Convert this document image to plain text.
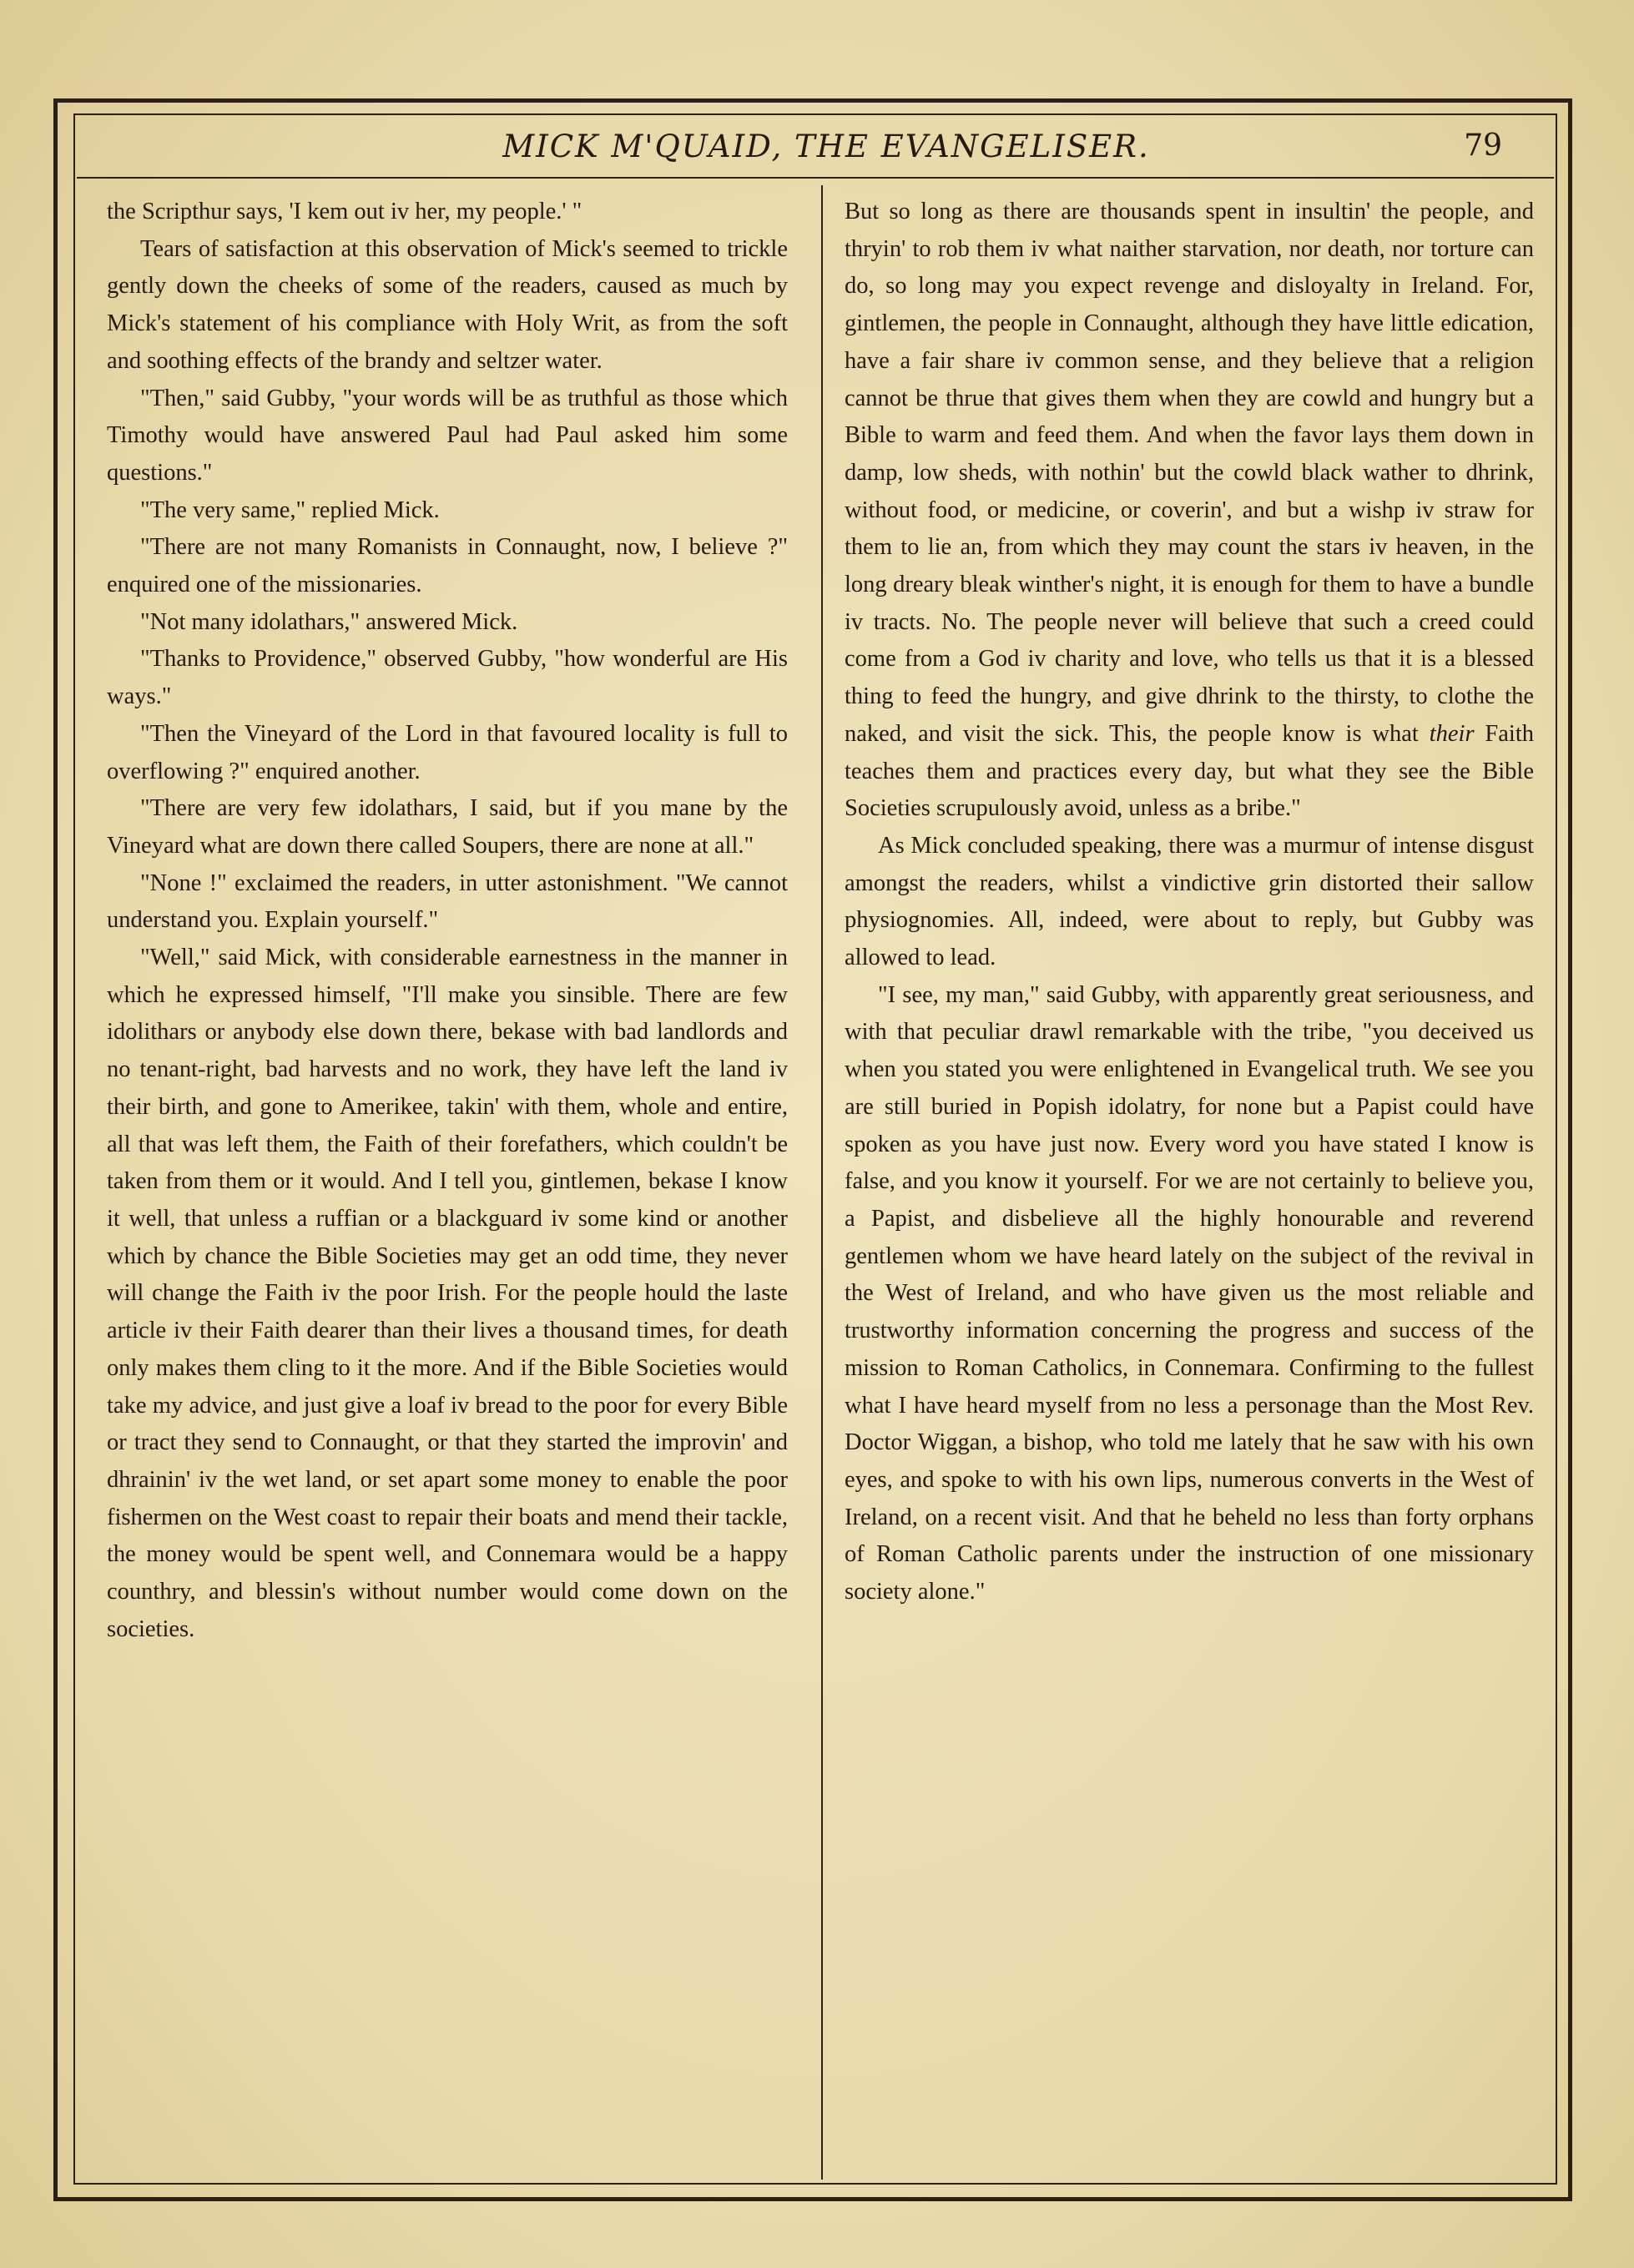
MICK M'QUAID, THE EVANGELISER.	79

the Scripthur says, 'I kem out iv her, my people.' "

Tears of satisfaction at this observation of Mick's seemed to trickle gently down the cheeks of some of the readers, caused as much by Mick's statement of his compliance with Holy Writ, as from the soft and soothing effects of the brandy and seltzer water.

"Then," said Gubby, "your words will be as truthful as those which Timothy would have answered Paul had Paul asked him some questions."

"The very same," replied Mick.

"There are not many Romanists in Connaught, now, I believe ?" enquired one of the missionaries.

"Not many idolathars," answered Mick.

"Thanks to Providence," observed Gubby, "how wonderful are His ways."

"Then the Vineyard of the Lord in that favoured locality is full to overflowing ?" enquired another.

"There are very few idolathars, I said, but if you mane by the Vineyard what are down there called Soupers, there are none at all."

"None !" exclaimed the readers, in utter astonishment. "We cannot understand you. Explain yourself."

"Well," said Mick, with considerable earnestness in the manner in which he expressed himself, "I'll make you sinsible. There are few idolithars or anybody else down there, bekase with bad landlords and no tenant-right, bad harvests and no work, they have left the land iv their birth, and gone to Amerikee, takin' with them, whole and entire, all that was left them, the Faith of their forefathers, which couldn't be taken from them or it would. And I tell you, gintlemen, bekase I know it well, that unless a ruffian or a blackguard iv some kind or another which by chance the Bible Societies may get an odd time, they never will change the Faith iv the poor Irish. For the people hould the laste article iv their Faith dearer than their lives a thousand times, for death only makes them cling to it the more. And if the Bible Societies would take my advice, and just give a loaf iv bread to the poor for every Bible or tract they send to Connaught, or that they started the improvin' and dhrainin' iv the wet land, or set apart some money to enable the poor fishermen on the West coast to repair their boats and mend their tackle, the money would be spent well, and Connemara would be a happy counthry, and blessin's without number would come down on the societies.

But so long as there are thousands spent in insultin' the people, and thryin' to rob them iv what naither starvation, nor death, nor torture can do, so long may you expect revenge and disloyalty in Ireland. For, gintlemen, the people in Connaught, although they have little edication, have a fair share iv common sense, and they believe that a religion cannot be thrue that gives them when they are cowld and hungry but a Bible to warm and feed them. And when the favor lays them down in damp, low sheds, with nothin' but the cowld black wather to dhrink, without food, or medicine, or coverin', and but a wishp iv straw for them to lie an, from which they may count the stars iv heaven, in the long dreary bleak winther's night, it is enough for them to have a bundle iv tracts. No. The people never will believe that such a creed could come from a God iv charity and love, who tells us that it is a blessed thing to feed the hungry, and give dhrink to the thirsty, to clothe the naked, and visit the sick. This, the people know is what their Faith teaches them and practices every day, but what they see the Bible Societies scrupulously avoid, unless as a bribe."

As Mick concluded speaking, there was a murmur of intense disgust amongst the readers, whilst a vindictive grin distorted their sallow physiognomies. All, indeed, were about to reply, but Gubby was allowed to lead.

"I see, my man," said Gubby, with apparently great seriousness, and with that peculiar drawl remarkable with the tribe, "you deceived us when you stated you were enlightened in Evangelical truth. We see you are still buried in Popish idolatry, for none but a Papist could have spoken as you have just now. Every word you have stated I know is false, and you know it yourself. For we are not certainly to believe you, a Papist, and disbelieve all the highly honourable and reverend gentlemen whom we have heard lately on the subject of the revival in the West of Ireland, and who have given us the most reliable and trustworthy information concerning the progress and success of the mission to Roman Catholics, in Connemara. Confirming to the fullest what I have heard myself from no less a personage than the Most Rev. Doctor Wiggan, a bishop, who told me lately that he saw with his own eyes, and spoke to with his own lips, numerous converts in the West of Ireland, on a recent visit. And that he beheld no less than forty orphans of Roman Catholic parents under the instruction of one missionary society alone."
